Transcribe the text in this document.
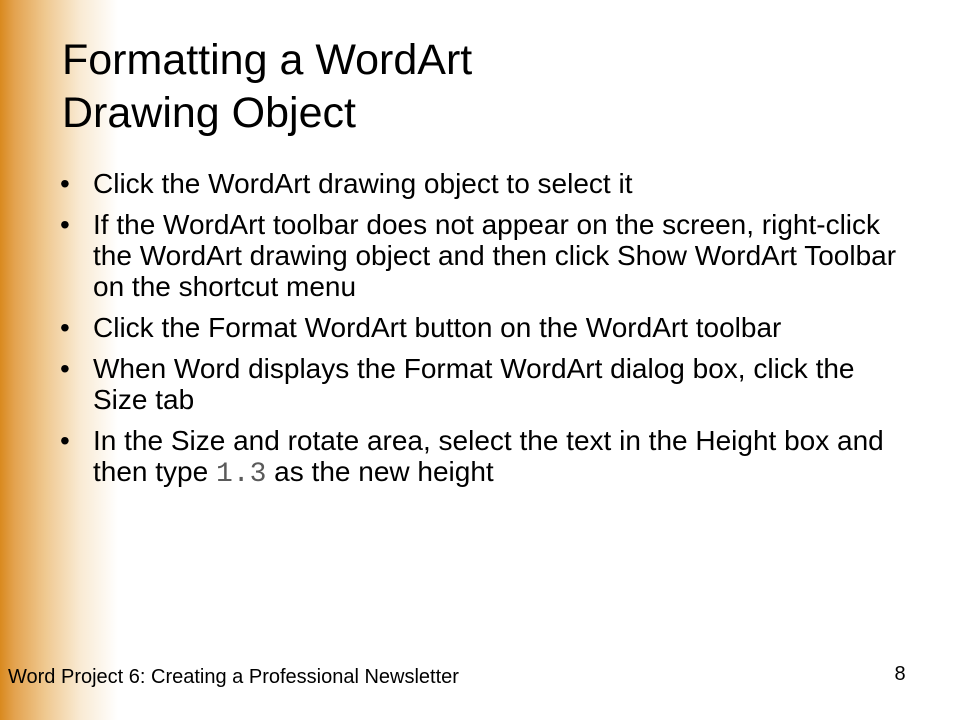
Formatting a WordArt
Drawing Object
• Click the WordArt drawing object to select it
• If the WordArt toolbar does not appear on the screen, right-click the WordArt drawing object and then click Show WordArt Toolbar on the shortcut menu
• Click the Format WordArt button on the WordArt toolbar
• When Word displays the Format WordArt dialog box, click the Size tab
• In the Size and rotate area, select the text in the Height box and then type 1.3 as the new height
Word Project 6: Creating a Professional Newsletter	8
